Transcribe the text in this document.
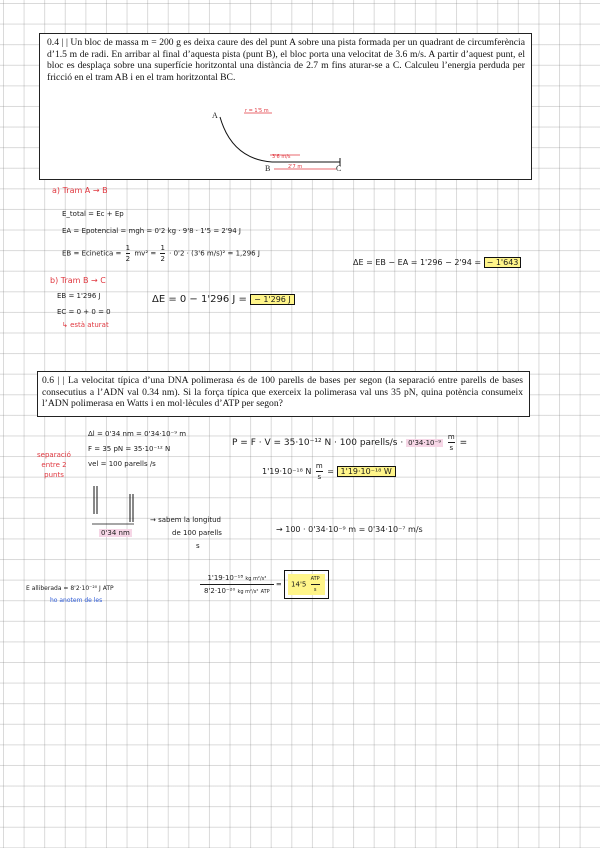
0.4 | | Un bloc de massa m = 200 g es deixa caure des del punt A sobre una pista formada per un quadrant de circumferència d’1.5 m de radi. En arribar al final d’aquesta pista (punt B), el bloc porta una velocitat de 3.6 m/s. A partir d’aquest punt, el bloc es desplaça sobre una superfície horitzontal una distància de 2.7 m fins aturar-se a C. Calculeu l’energia perduda per fricció en el tram AB i en el tram horitzontal BC.
A
B	C
r = 1'5 m
3'6 m/s
2'7 m
a) Tram A → B
E_total = Ec + Ep
EA = Epotencial = mgh = 0'2 kg · 9'8 · 1'5 = 2'94 J
EB = Ecinetica = $\frac{1}{2} mv^2 = \frac{1}{2} \cdot 0'2 \cdot (3'6$ m/s)² = 1,296 J
ΔE = EB − EA = 1'296 − 2'94 = − 1'643
b) Tram B → C
EB = 1'296 J
EC = 0 + 0 = 0
↳ està aturat
ΔE = 0 − 1'296 J = − 1'296 J
0.6 | | La velocitat típica d’una DNA polimerasa és de 100 parells de bases per segon (la separació entre parells de bases consecutius a l’ADN val 0.34 nm). Si la força típica que exerceix la polimerasa val uns 35 pN, quina potència consumeix l’ADN polimerasa en Watts i en mol·lècules d’ATP per segon?
Δl = 0'34 nm = 0'34·10⁻⁹ m
F = 35 pN = 35·10⁻¹² N
vel = 100 parells /s
separació entre 2 punts
P = F · V = 35·10⁻¹² N · 100 parells/s · $0'34\cdot 10^{-9} \frac{m}{s}$ =
1'19·10⁻¹⁸ N $\frac{m}{s} = 1'19\cdot 10^{-18}$ W
0'34 nm
→ sabem la longitud
de 100 parells
s
→ 100 · 0'34·10⁻⁹ m = 0'34·10⁻⁷ m/s
E alliberada = 8'2·10⁻²⁰ J ATP
ho anotem de les
1'19·10⁻¹⁸ kg m²/s³
8'2·10⁻²⁰ kg m²/s² ATP
= $14'5 \frac{\text{ATP}}{s}$
